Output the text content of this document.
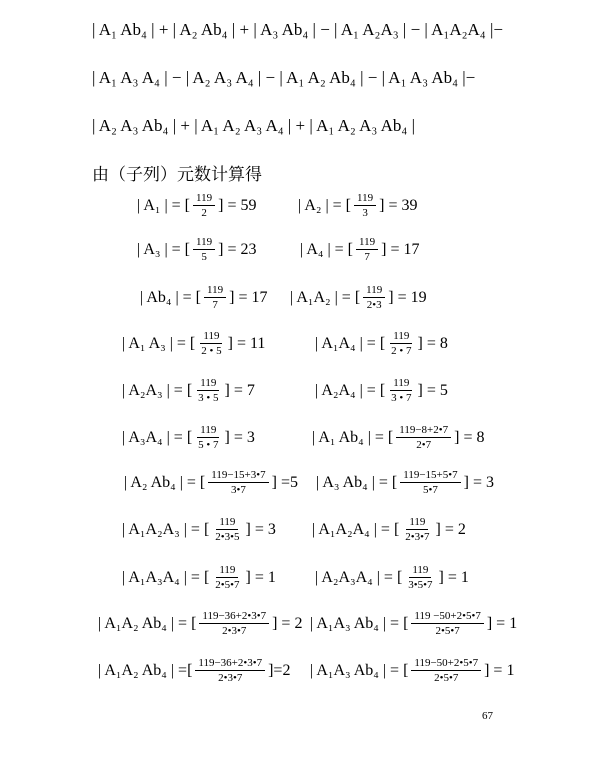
| A₁ Ab₄ | + | A₂ Ab₄ | + | A₃ Ab₄ | − | A₁ A₂A₃ | − | A₁A₂A₄ |−
| A₁ A₃ A₄ | − | A₂ A₃ A₄ | − | A₁ A₂ Ab₄ | − | A₁ A₃ Ab₄ |−
| A₂ A₃ Ab₄ | + | A₁ A₂ A₃ A₄ | + | A₁ A₂ A₃ Ab₄ |
由（子列）元数计算得
| A₁ | = [ $\frac{119}{2}$ ] = 59	| A₂ | = [ $\frac{119}{3}$ ] = 39
| A₃ | = [ $\frac{119}{5}$ ] = 23	| A₄ | = [ $\frac{119}{7}$ ] = 17
| Ab₄ | = [ $\frac{119}{7}$ ] = 17 | A₁A₂ | = [ $\frac{119}{2•3}$ ] = 19
| A₁ A₃ | = [ $\frac{119}{2 • 5}$ ] = 11	| A₁A₄ | = [ $\frac{119}{2 • 7}$ ] = 8
| A₂A₃ | = [ $\frac{119}{3 • 5}$ ] = 7	| A₂A₄ | = [ $\frac{119}{3 • 7}$ ] = 5
| A₃A₄ | = [ $\frac{119}{5 • 7}$ ] = 3	| A₁ Ab₄ | = [ $\frac{119-8+2•7}{2•7}$ ] = 8
| A₂ Ab₄ | = [ $\frac{119-15+3•7}{3•7}$ ] =5 | A₃ Ab₄ | = [ $\frac{119-15+5•7}{5•7}$ ] = 3
| A₁A₂A₃ | = [ $\frac{119}{2•3•5}$ ] = 3 | A₁A₂A₄ | = [ $\frac{119}{2•3•7}$ ] = 2
| A₁A₃A₄ | = [ $\frac{119}{2•5•7}$ ] = 1 | A₂A₃A₄ | = [ $\frac{119}{3•5•7}$ ] = 1
| A₁A₂ Ab₄ | = [ $\frac{119-36+2•3•7}{2•3•7}$ ] = 2 | A₁A₃ Ab₄ | = [ $\frac{119 -50+2•5•7}{2•5•7}$ ] = 1
| A₁A₂ Ab₄ | =[ $\frac{119-36+2•3•7}{2•3•7} ]=2$ | A₁A₃ Ab₄ | = [ $\frac{119-50+2•5•7}{2•5•7}$ ] = 1
67
